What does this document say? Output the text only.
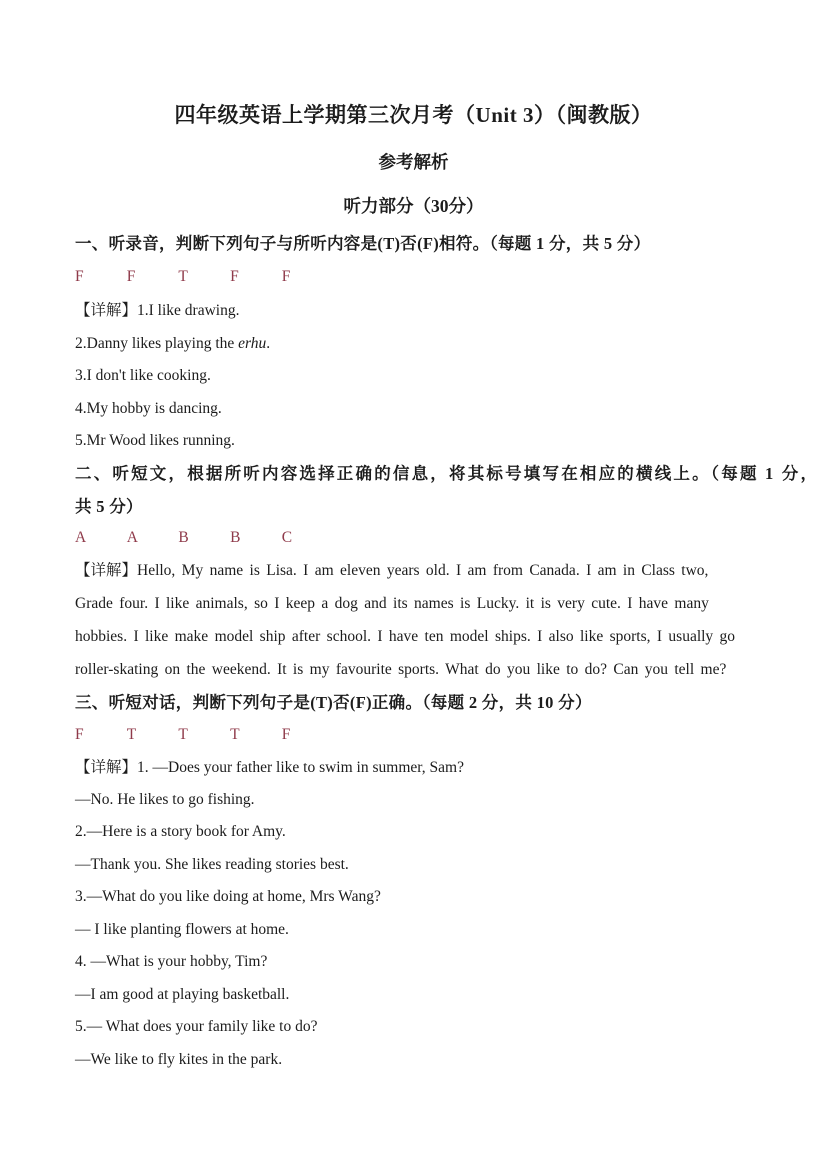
四年级英语上学期第三次月考（Unit 3）（闽教版）
参考解析
听力部分（30分）
一、听录音，判断下列句子与所听内容是(T)否(F)相符。（每题 1 分，共 5 分）
F	F	T	F	F
【详解】1.I like drawing.
2.Danny likes playing the erhu.
3.I don't like cooking.
4.My hobby is dancing.
5.Mr Wood likes running.
二、听短文，根据所听内容选择正确的信息，将其标号填写在相应的横线上。（每题 1 分，
共 5 分）
A	A	B	B	C
【详解】Hello, My name is Lisa. I am eleven years old. I am from Canada. I am in Class two,
Grade four. I like animals, so I keep a dog and its names is Lucky. it is very cute. I have many
hobbies. I like make model ship after school. I have ten model ships. I also like sports, I usually go
roller-skating on the weekend. It is my favourite sports. What do you like to do? Can you tell me?
三、听短对话，判断下列句子是(T)否(F)正确。（每题 2 分，共 10 分）
F	T	T	T	F
【详解】1. —Does your father like to swim in summer, Sam?
—No. He likes to go fishing.
2.—Here is a story book for Amy.
—Thank you. She likes reading stories best.
3.—What do you like doing at home, Mrs Wang?
— I like planting flowers at home.
4. —What is your hobby, Tim?
—I am good at playing basketball.
5.— What does your family like to do?
—We like to fly kites in the park.
